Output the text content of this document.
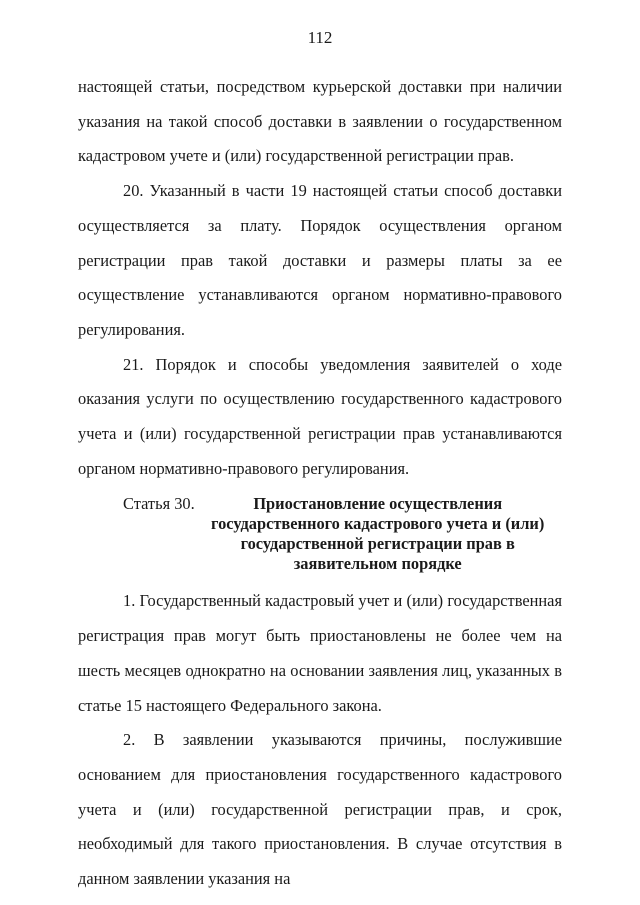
112

настоящей статьи, посредством курьерской доставки при наличии указания на такой способ доставки в заявлении о государственном кадастровом учете и (или) государственной регистрации прав.

20. Указанный в части 19 настоящей статьи способ доставки осуществляется за плату. Порядок осуществления органом регистрации прав такой доставки и размеры платы за ее осуществление устанавливаются органом нормативно-правового регулирования.

21. Порядок и способы уведомления заявителей о ходе оказания услуги по осуществлению государственного кадастрового учета и (или) государственной регистрации прав устанавливаются органом нормативно-правового регулирования.

Статья 30.	Приостановление осуществления государственного кадастрового учета и (или) государственной регистрации прав в заявительном порядке

1. Государственный кадастровый учет и (или) государственная регистрация прав могут быть приостановлены не более чем на шесть месяцев однократно на основании заявления лиц, указанных в статье 15 настоящего Федерального закона.

2. В заявлении указываются причины, послужившие основанием для приостановления государственного кадастрового учета и (или) государственной регистрации прав, и срок, необходимый для такого приостановления. В случае отсутствия в данном заявлении указания на
